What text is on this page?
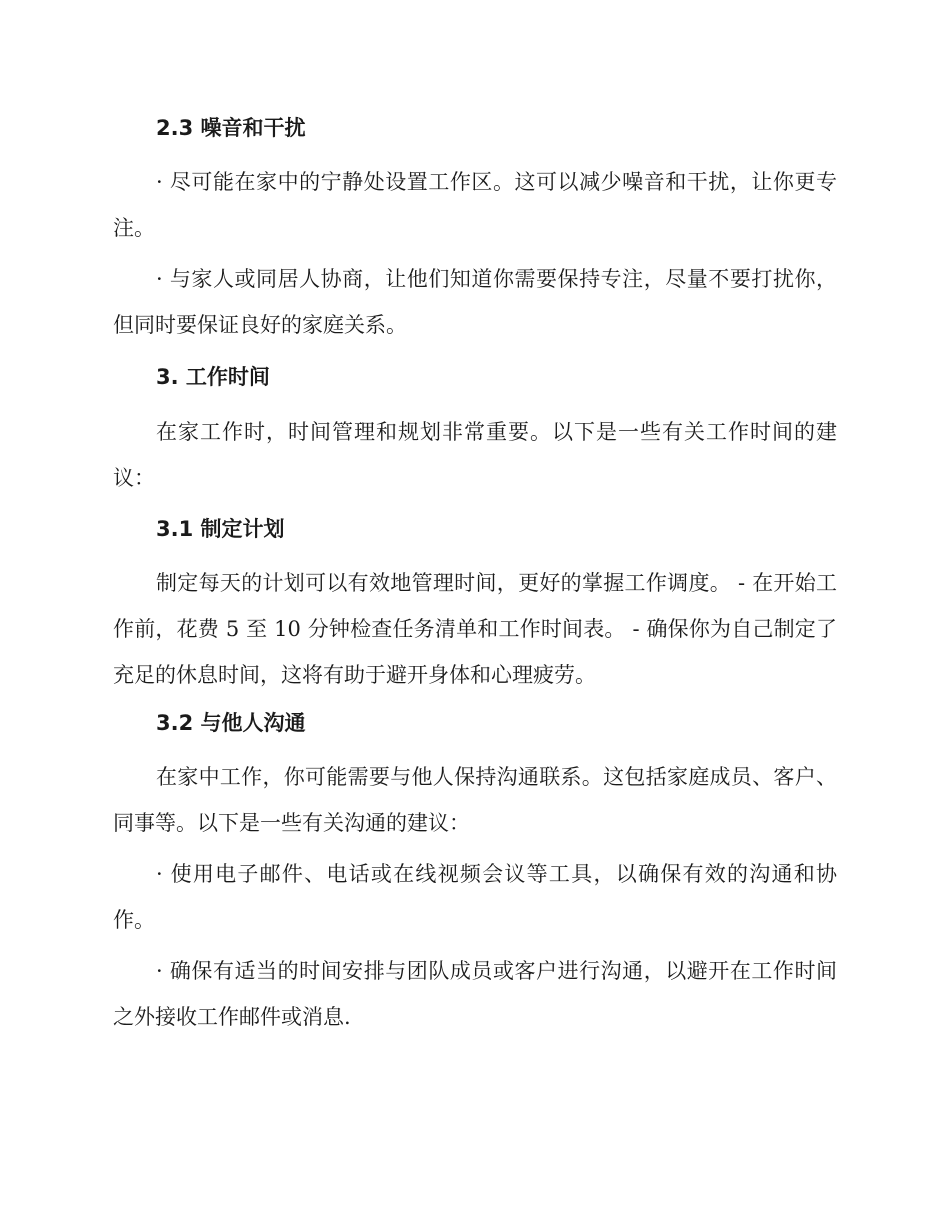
2.3 噪音和干扰
· 尽可能在家中的宁静处设置工作区。这可以减少噪音和干扰，让你更专注。
· 与家人或同居人协商，让他们知道你需要保持专注，尽量不要打扰你，但同时要保证良好的家庭关系。
3. 工作时间
在家工作时，时间管理和规划非常重要。以下是一些有关工作时间的建议：
3.1 制定计划
制定每天的计划可以有效地管理时间，更好的掌握工作调度。 - 在开始工作前，花费 5 至 10 分钟检查任务清单和工作时间表。 - 确保你为自己制定了充足的休息时间，这将有助于避开身体和心理疲劳。
3.2 与他人沟通
在家中工作，你可能需要与他人保持沟通联系。这包括家庭成员、客户、同事等。以下是一些有关沟通的建议：
· 使用电子邮件、电话或在线视频会议等工具，以确保有效的沟通和协作。
· 确保有适当的时间安排与团队成员或客户进行沟通，以避开在工作时间之外接收工作邮件或消息.
